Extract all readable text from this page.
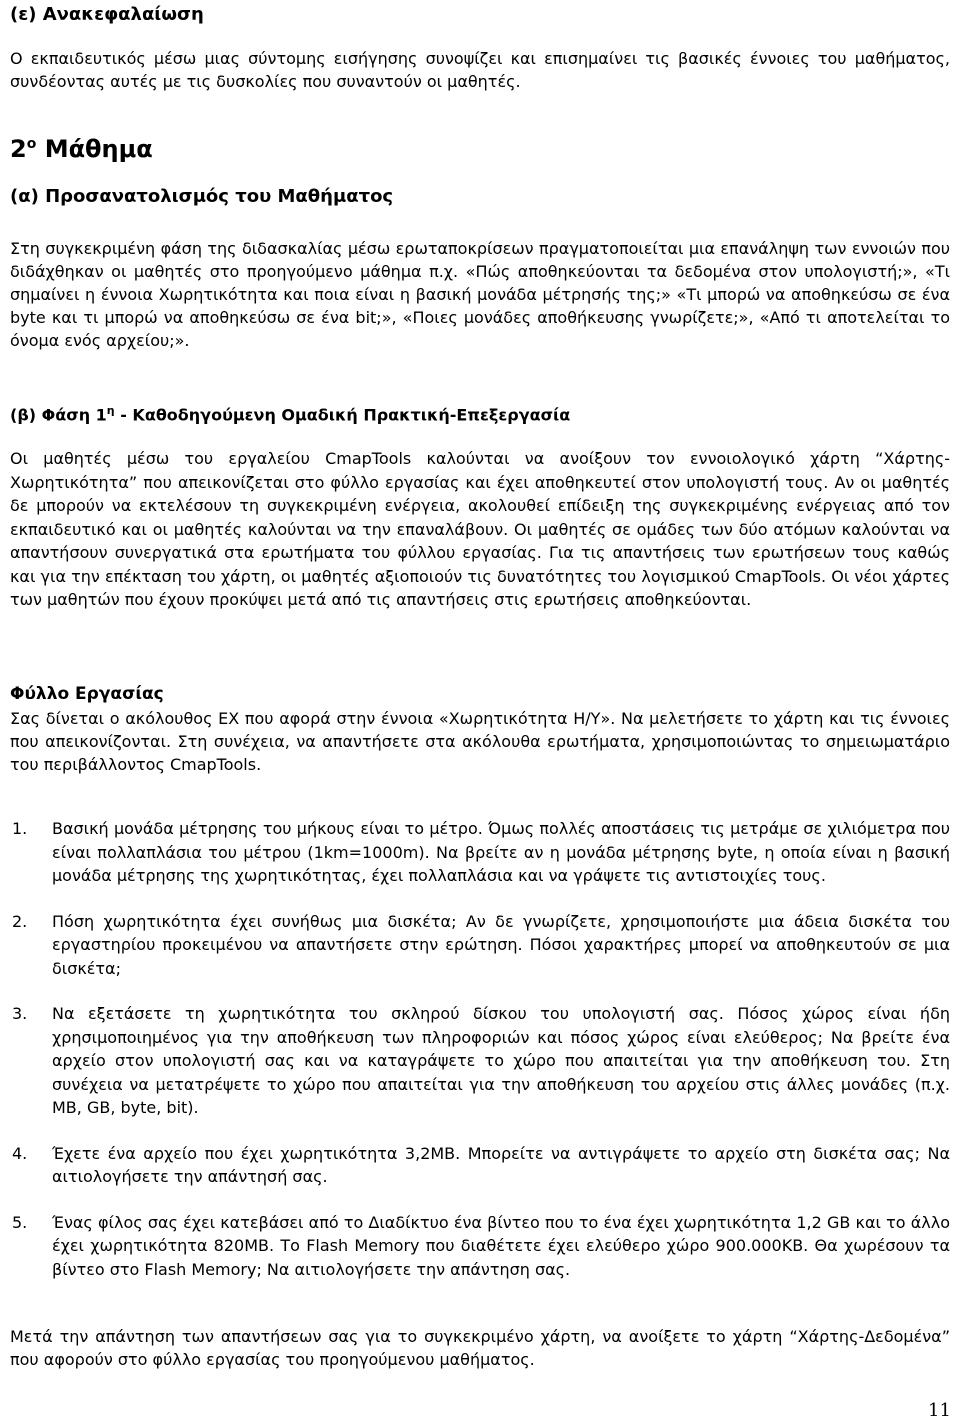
(ε) Ανακεφαλαίωση

Ο εκπαιδευτικός μέσω μιας σύντομης εισήγησης συνοψίζει και επισημαίνει τις βασικές έννοιες του μαθήματος, συνδέοντας αυτές με τις δυσκολίες που συναντούν οι μαθητές.

$2^o$ Μάθημα
(α) Προσανατολισμός του Μαθήματος

Στη συγκεκριμένη φάση της διδασκαλίας μέσω ερωταποκρίσεων πραγματοποιείται μια επανάληψη των εννοιών που διδάχθηκαν οι μαθητές στο προηγούμενο μάθημα π.χ. «Πώς αποθηκεύονται τα δεδομένα στον υπολογιστή;», «Τι σημαίνει η έννοια Χωρητικότητα και ποια είναι η βασική μονάδα μέτρησής της;» «Τι μπορώ να αποθηκεύσω σε ένα byte και τι μπορώ να αποθηκεύσω σε ένα bit;», «Ποιες μονάδες αποθήκευσης γνωρίζετε;», «Από τι αποτελείται το όνομα ενός αρχείου;».

(β) Φάση $1^\eta$ - Καθοδηγούμενη Ομαδική Πρακτική-Επεξεργασία

Οι μαθητές μέσω του εργαλείου CmapTools καλούνται να ανοίξουν τον εννοιολογικό χάρτη “Χάρτης-Χωρητικότητα” που απεικονίζεται στο φύλλο εργασίας και έχει αποθηκευτεί στον υπολογιστή τους. Αν οι μαθητές δε μπορούν να εκτελέσουν τη συγκεκριμένη ενέργεια, ακολουθεί επίδειξη της συγκεκριμένης ενέργειας από τον εκπαιδευτικό και οι μαθητές καλούνται να την επαναλάβουν. Οι μαθητές σε ομάδες των δύο ατόμων καλούνται να απαντήσουν συνεργατικά στα ερωτήματα του φύλλου εργασίας. Για τις απαντήσεις των ερωτήσεων τους καθώς και για την επέκταση του χάρτη, οι μαθητές αξιοποιούν τις δυνατότητες του λογισμικού CmapTools. Οι νέοι χάρτες των μαθητών που έχουν προκύψει μετά από τις απαντήσεις στις ερωτήσεις αποθηκεύονται.

Φύλλο Εργασίας

Σας δίνεται ο ακόλουθος ΕΧ που αφορά στην έννοια «Χωρητικότητα Η/Υ». Να μελετήσετε το χάρτη και τις έννοιες που απεικονίζονται. Στη συνέχεια, να απαντήσετε στα ακόλουθα ερωτήματα, χρησιμοποιώντας το σημειωματάριο του περιβάλλοντος CmapTools.

1. Βασική μονάδα μέτρησης του μήκους είναι το μέτρο. Όμως πολλές αποστάσεις τις μετράμε σε χιλιόμετρα που είναι πολλαπλάσια του μέτρου (1km=1000m). Να βρείτε αν η μονάδα μέτρησης byte, η οποία είναι η βασική μονάδα μέτρησης της χωρητικότητας, έχει πολλαπλάσια και να γράψετε τις αντιστοιχίες τους.

2. Πόση χωρητικότητα έχει συνήθως μια δισκέτα; Αν δε γνωρίζετε, χρησιμοποιήστε μια άδεια δισκέτα του εργαστηρίου προκειμένου να απαντήσετε στην ερώτηση. Πόσοι χαρακτήρες μπορεί να αποθηκευτούν σε μια δισκέτα;

3. Να εξετάσετε τη χωρητικότητα του σκληρού δίσκου του υπολογιστή σας. Πόσος χώρος είναι ήδη χρησιμοποιημένος για την αποθήκευση των πληροφοριών και πόσος χώρος είναι ελεύθερος; Να βρείτε ένα αρχείο στον υπολογιστή σας και να καταγράψετε το χώρο που απαιτείται για την αποθήκευση του. Στη συνέχεια να μετατρέψετε το χώρο που απαιτείται για την αποθήκευση του αρχείου στις άλλες μονάδες (π.χ. MB, GB, byte, bit).

4. Έχετε ένα αρχείο που έχει χωρητικότητα 3,2MB. Μπορείτε να αντιγράψετε το αρχείο στη δισκέτα σας; Να αιτιολογήσετε την απάντησή σας.

5. Ένας φίλος σας έχει κατεβάσει από το Διαδίκτυο ένα βίντεο που το ένα έχει χωρητικότητα 1,2 GB και το άλλο έχει χωρητικότητα 820MB. Το Flash Memory που διαθέτετε έχει ελεύθερο χώρο 900.000KB. Θα χωρέσουν τα βίντεο στο Flash Memory; Να αιτιολογήσετε την απάντηση σας.

Μετά την απάντηση των απαντήσεων σας για το συγκεκριμένο χάρτη, να ανοίξετε το χάρτη “Χάρτης-Δεδομένα” που αφορούν στο φύλλο εργασίας του προηγούμενου μαθήματος.

11
